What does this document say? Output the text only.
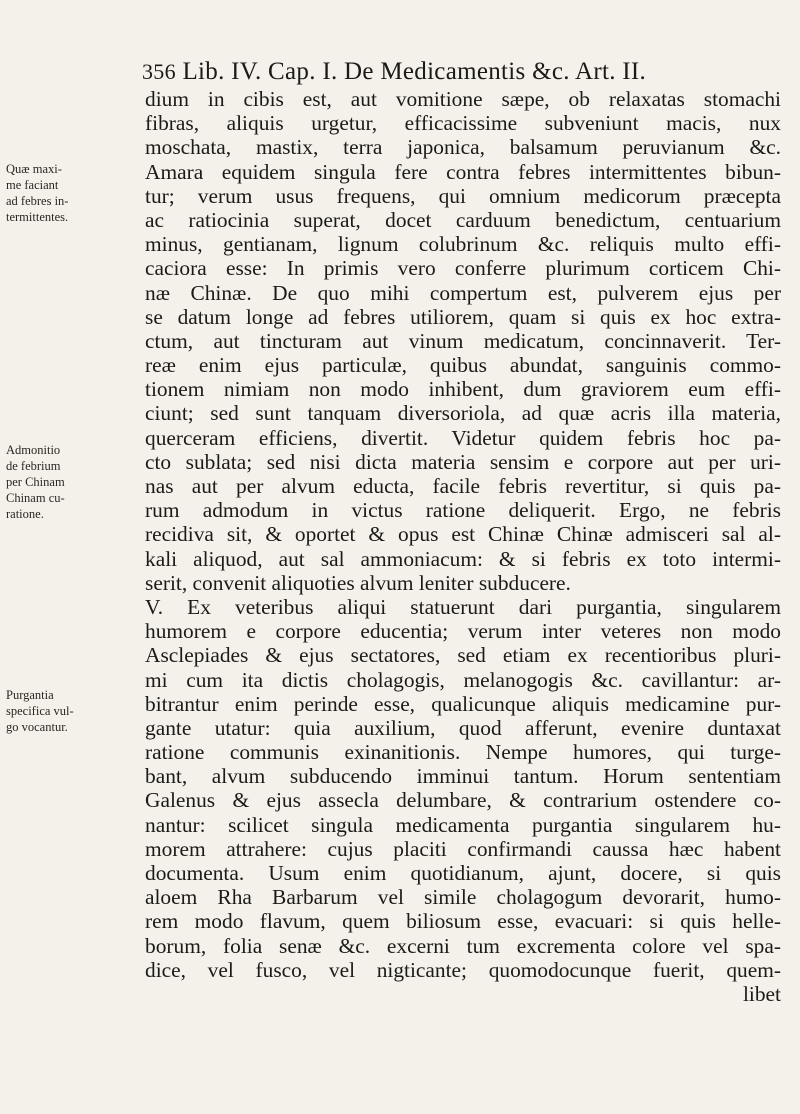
356 Lib. IV. Cap. I. De Medicamentis &c. Art. II.
Quæ maxi-
me faciant
ad febres in-
termittentes.
Admonitio
de febrium
per Chinam
Chinam cu-
ratione.
Purgantia
specifica vul-
go vocantur.
dium in cibis est, aut vomitione sæpe, ob relaxatas stomachi
fibras, aliquis urgetur, efficacissime subveniunt macis, nux
moschata, mastix, terra japonica, balsamum peruvianum &c.
Amara equidem singula fere contra febres intermittentes bibun-
tur; verum usus frequens, qui omnium medicorum præcepta
ac ratiocinia superat, docet carduum benedictum, centuarium
minus, gentianam, lignum colubrinum &c. reliquis multo effi-
caciora esse: In primis vero conferre plurimum corticem Chi-
næ Chinæ. De quo mihi compertum est, pulverem ejus per
se datum longe ad febres utiliorem, quam si quis ex hoc extra-
ctum, aut tincturam aut vinum medicatum, concinnaverit. Ter-
reæ enim ejus particulæ, quibus abundat, sanguinis commo-
tionem nimiam non modo inhibent, dum graviorem eum effi-
ciunt; sed sunt tanquam diversoriola, ad quæ acris illa materia,
querceram efficiens, divertit. Videtur quidem febris hoc pa-
cto sublata; sed nisi dicta materia sensim e corpore aut per uri-
nas aut per alvum educta, facile febris revertitur, si quis pa-
rum admodum in victus ratione deliquerit. Ergo, ne febris
recidiva sit, & oportet & opus est Chinæ Chinæ admisceri sal al-
kali aliquod, aut sal ammoniacum: & si febris ex toto intermi-
serit, convenit aliquoties alvum leniter subducere.
V. Ex veteribus aliqui statuerunt dari purgantia, singularem
humorem e corpore educentia; verum inter veteres non modo
Asclepiades & ejus sectatores, sed etiam ex recentioribus pluri-
mi cum ita dictis cholagogis, melanogogis &c. cavillantur: ar-
bitrantur enim perinde esse, qualicunque aliquis medicamine pur-
gante utatur: quia auxilium, quod afferunt, evenire duntaxat
ratione communis exinanitionis. Nempe humores, qui turge-
bant, alvum subducendo imminui tantum. Horum sententiam
Galenus & ejus assecla delumbare, & contrarium ostendere co-
nantur: scilicet singula medicamenta purgantia singularem hu-
morem attrahere: cujus placiti confirmandi caussa hæc habent
documenta. Usum enim quotidianum, ajunt, docere, si quis
aloem Rha Barbarum vel simile cholagogum devorarit, humo-
rem modo flavum, quem biliosum esse, evacuari: si quis helle-
borum, folia senæ &c. excerni tum excrementa colore vel spa-
dice, vel fusco, vel nigticante; quomodocunque fuerit, quem-
libet
